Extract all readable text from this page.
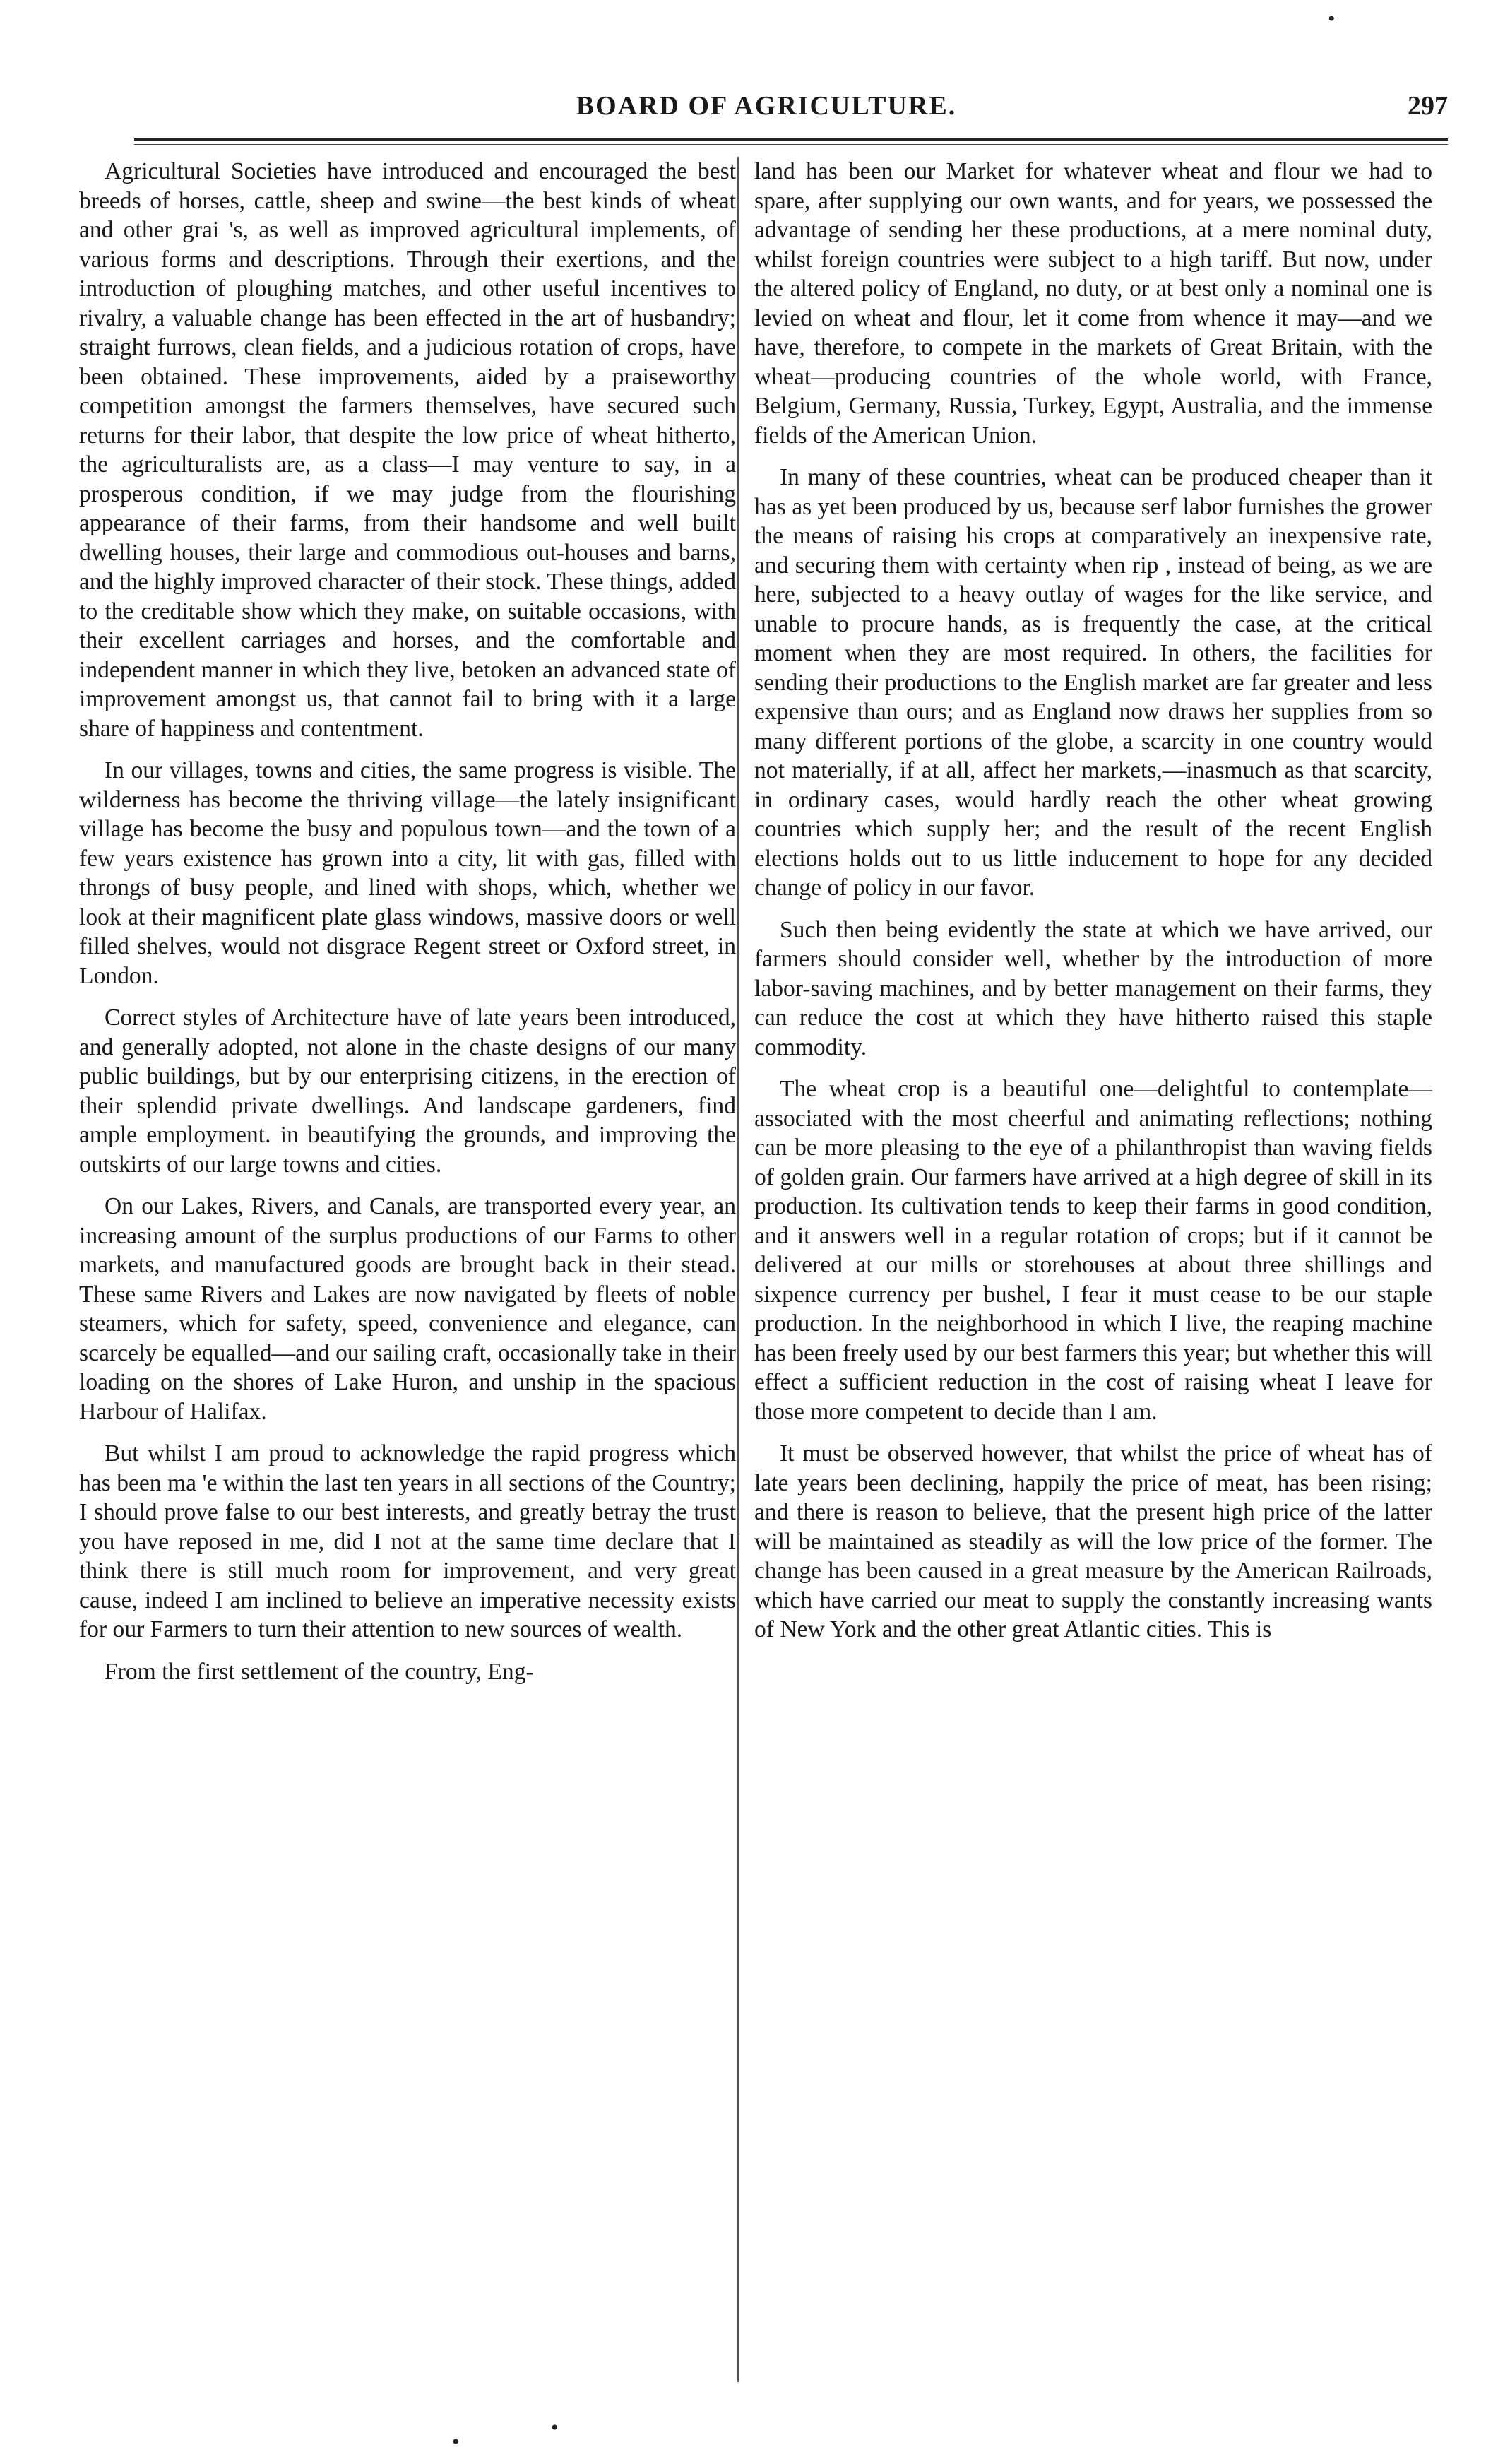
BOARD OF AGRICULTURE.	297

Agricultural Societies have introduced and encouraged the best breeds of horses, cattle, sheep and swine—the best kinds of wheat and other grai 's, as well as improved agricultural implements, of various forms and descriptions. Through their exertions, and the introduction of ploughing matches, and other useful incentives to rivalry, a valuable change has been effected in the art of husbandry; straight furrows, clean fields, and a judicious rotation of crops, have been obtained. These improvements, aided by a praiseworthy competition amongst the farmers themselves, have secured such returns for their labor, that despite the low price of wheat hitherto, the agriculturalists are, as a class—I may venture to say, in a prosperous condition, if we may judge from the flourishing appearance of their farms, from their handsome and well built dwelling houses, their large and commodious out-houses and barns, and the highly improved character of their stock. These things, added to the creditable show which they make, on suitable occasions, with their excellent carriages and horses, and the comfortable and independent manner in which they live, betoken an advanced state of improvement amongst us, that cannot fail to bring with it a large share of happiness and contentment.

In our villages, towns and cities, the same progress is visible. The wilderness has become the thriving village—the lately insignificant village has become the busy and populous town—and the town of a few years existence has grown into a city, lit with gas, filled with throngs of busy people, and lined with shops, which, whether we look at their magnificent plate glass windows, massive doors or well filled shelves, would not disgrace Regent street or Oxford street, in London.

Correct styles of Architecture have of late years been introduced, and generally adopted, not alone in the chaste designs of our many public buildings, but by our enterprising citizens, in the erection of their splendid private dwellings. And landscape gardeners, find ample employment. in beautifying the grounds, and improving the outskirts of our large towns and cities.

On our Lakes, Rivers, and Canals, are transported every year, an increasing amount of the surplus productions of our Farms to other markets, and manufactured goods are brought back in their stead. These same Rivers and Lakes are now navigated by fleets of noble steamers, which for safety, speed, convenience and elegance, can scarcely be equalled—and our sailing craft, occasionally take in their loading on the shores of Lake Huron, and unship in the spacious Harbour of Halifax.

But whilst I am proud to acknowledge the rapid progress which has been ma 'e within the last ten years in all sections of the Country; I should prove false to our best interests, and greatly betray the trust you have reposed in me, did I not at the same time declare that I think there is still much room for improvement, and very great cause, indeed I am inclined to believe an imperative necessity exists for our Farmers to turn their attention to new sources of wealth.

From the first settlement of the country, Eng-

land has been our Market for whatever wheat and flour we had to spare, after supplying our own wants, and for years, we possessed the advantage of sending her these productions, at a mere nominal duty, whilst foreign countries were subject to a high tariff. But now, under the altered policy of England, no duty, or at best only a nominal one is levied on wheat and flour, let it come from whence it may—and we have, therefore, to compete in the markets of Great Britain, with the wheat—producing countries of the whole world, with France, Belgium, Germany, Russia, Turkey, Egypt, Australia, and the immense fields of the American Union.

In many of these countries, wheat can be produced cheaper than it has as yet been produced by us, because serf labor furnishes the grower the means of raising his crops at comparatively an inexpensive rate, and securing them with certainty when rip , instead of being, as we are here, subjected to a heavy outlay of wages for the like service, and unable to procure hands, as is frequently the case, at the critical moment when they are most required. In others, the facilities for sending their productions to the English market are far greater and less expensive than ours; and as England now draws her supplies from so many different portions of the globe, a scarcity in one country would not materially, if at all, affect her markets,—inasmuch as that scarcity, in ordinary cases, would hardly reach the other wheat growing countries which supply her; and the result of the recent English elections holds out to us little inducement to hope for any decided change of policy in our favor.

Such then being evidently the state at which we have arrived, our farmers should consider well, whether by the introduction of more labor-saving machines, and by better management on their farms, they can reduce the cost at which they have hitherto raised this staple commodity.

The wheat crop is a beautiful one—delightful to contemplate—associated with the most cheerful and animating reflections; nothing can be more pleasing to the eye of a philanthropist than waving fields of golden grain. Our farmers have arrived at a high degree of skill in its production. Its cultivation tends to keep their farms in good condition, and it answers well in a regular rotation of crops; but if it cannot be delivered at our mills or storehouses at about three shillings and sixpence currency per bushel, I fear it must cease to be our staple production. In the neighborhood in which I live, the reaping machine has been freely used by our best farmers this year; but whether this will effect a sufficient reduction in the cost of raising wheat I leave for those more competent to decide than I am.

It must be observed however, that whilst the price of wheat has of late years been declining, happily the price of meat, has been rising; and there is reason to believe, that the present high price of the latter will be maintained as steadily as will the low price of the former. The change has been caused in a great measure by the American Railroads, which have carried our meat to supply the constantly increasing wants of New York and the other great Atlantic cities. This is

•
•
•
